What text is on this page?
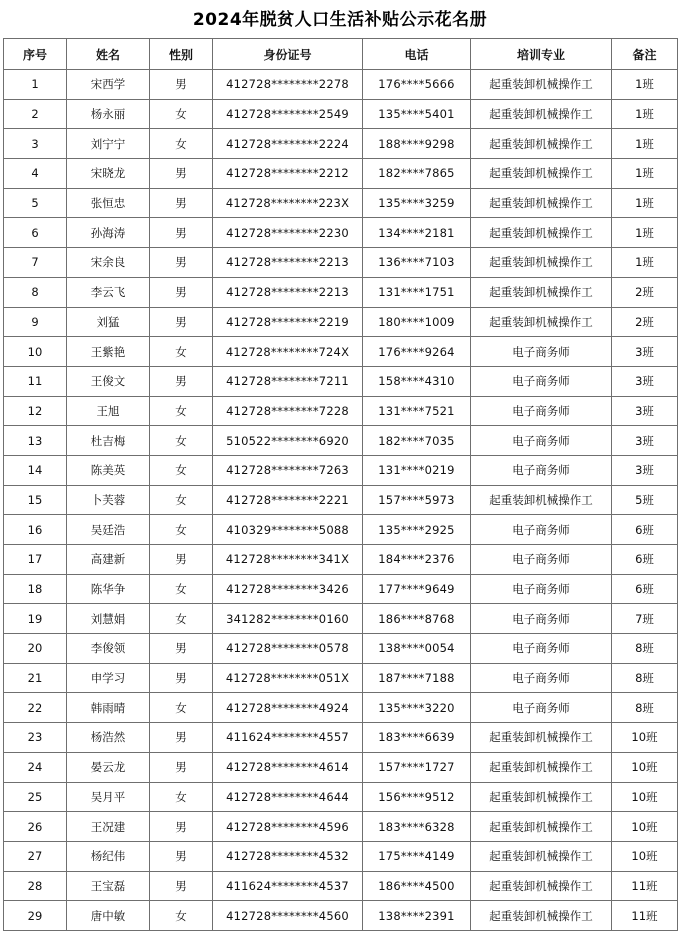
2024年脱贫人口生活补贴公示花名册
序号	姓名	性别	身份证号	电话	培训专业	备注
1	宋西学	男	412728********2278	176****5666	起重装卸机械操作工	1班
2	杨永丽	女	412728********2549	135****5401	起重装卸机械操作工	1班
3	刘宁宁	女	412728********2224	188****9298	起重装卸机械操作工	1班
4	宋晓龙	男	412728********2212	182****7865	起重装卸机械操作工	1班
5	张恒忠	男	412728********223X	135****3259	起重装卸机械操作工	1班
6	孙海涛	男	412728********2230	134****2181	起重装卸机械操作工	1班
7	宋余良	男	412728********2213	136****7103	起重装卸机械操作工	1班
8	李云飞	男	412728********2213	131****1751	起重装卸机械操作工	2班
9	刘猛	男	412728********2219	180****1009	起重装卸机械操作工	2班
10	王紫艳	女	412728********724X	176****9264	电子商务师	3班
11	王俊文	男	412728********7211	158****4310	电子商务师	3班
12	王旭	女	412728********7228	131****7521	电子商务师	3班
13	杜吉梅	女	510522********6920	182****7035	电子商务师	3班
14	陈美英	女	412728********7263	131****0219	电子商务师	3班
15	卜芙蓉	女	412728********2221	157****5973	起重装卸机械操作工	5班
16	吴廷浩	女	410329********5088	135****2925	电子商务师	6班
17	高建新	男	412728********341X	184****2376	电子商务师	6班
18	陈华争	女	412728********3426	177****9649	电子商务师	6班
19	刘慧娟	女	341282********0160	186****8768	电子商务师	7班
20	李俊领	男	412728********0578	138****0054	电子商务师	8班
21	申学习	男	412728********051X	187****7188	电子商务师	8班
22	韩雨晴	女	412728********4924	135****3220	电子商务师	8班
23	杨浩然	男	411624********4557	183****6639	起重装卸机械操作工	10班
24	晏云龙	男	412728********4614	157****1727	起重装卸机械操作工	10班
25	吴月平	女	412728********4644	156****9512	起重装卸机械操作工	10班
26	王况建	男	412728********4596	183****6328	起重装卸机械操作工	10班
27	杨纪伟	男	412728********4532	175****4149	起重装卸机械操作工	10班
28	王宝磊	男	411624********4537	186****4500	起重装卸机械操作工	11班
29	唐中敏	女	412728********4560	138****2391	起重装卸机械操作工	11班
